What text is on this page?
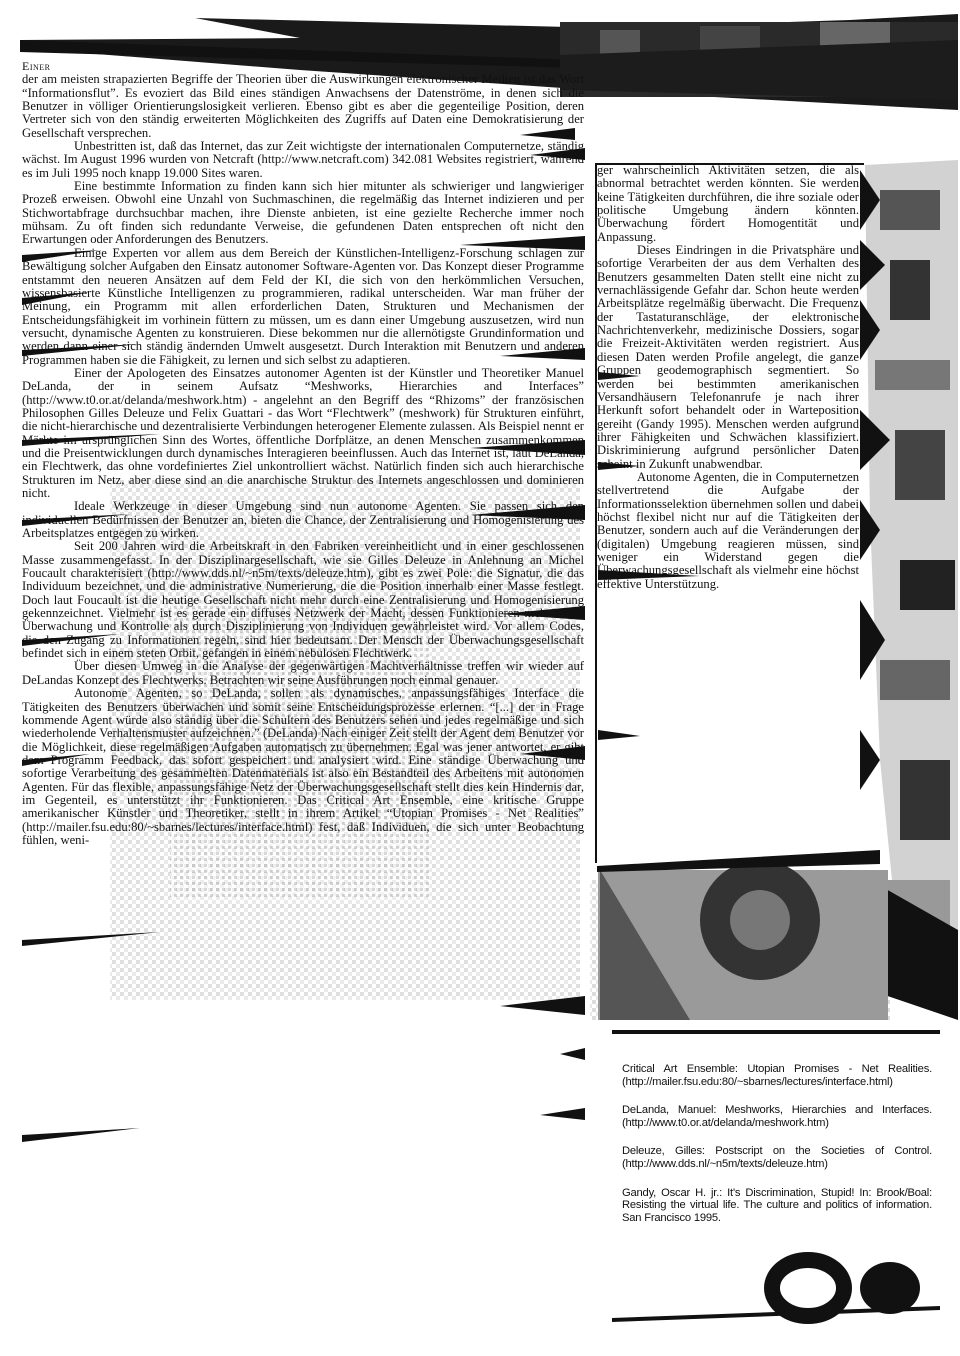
Einer

der am meisten strapazierten Begriffe der Theorien über die Auswirkungen elektronischer Medien ist das Wort “Informationsflut”. Es evoziert das Bild eines ständigen Anwachsens der Datenströme, in denen sich die Benutzer in völliger Orientierungslosigkeit verlieren. Ebenso gibt es aber die gegenteilige Position, deren Vertreter sich von den ständig erweiterten Möglichkeiten des Zugriffs auf Daten eine Demokratisierung der Gesellschaft versprechen.

Unbestritten ist, daß das Internet, das zur Zeit wichtigste der internationalen Computernetze, ständig wächst. Im August 1996 wurden von Netcraft (http://www.netcraft.com) 342.081 Websites registriert, während es im Juli 1995 noch knapp 19.000 Sites waren.

Eine bestimmte Information zu finden kann sich hier mitunter als schwieriger und langwieriger Prozeß erweisen. Obwohl eine Unzahl von Suchmaschinen, die regelmäßig das Internet indizieren und per Stichwortabfrage durchsuchbar machen, ihre Dienste anbieten, ist eine gezielte Recherche immer noch mühsam. Zu oft finden sich redundante Verweise, die gefundenen Daten entsprechen oft nicht den Erwartungen oder Anforderungen des Benutzers.

Einige Experten vor allem aus dem Bereich der Künstlichen-Intelligenz-Forschung schlagen zur Bewältigung solcher Aufgaben den Einsatz autonomer Software-Agenten vor. Das Konzept dieser Programme entstammt den neueren Ansätzen auf dem Feld der KI, die sich von den herkömmlichen Versuchen, wissensbasierte Künstliche Intelligenzen zu programmieren, radikal unterscheiden. War man früher der Meinung, ein Programm mit allen erforderlichen Daten, Strukturen und Mechanismen der Entscheidungsfähigkeit im vorhinein füttern zu müssen, um es dann einer Umgebung auszusetzen, wird nun versucht, dynamische Agenten zu konstruieren. Diese bekommen nur die allernötigste Grundinformation und werden dann einer sich ständig ändernden Umwelt ausgesetzt. Durch Interaktion mit Benutzern und anderen Programmen haben sie die Fähigkeit, zu lernen und sich selbst zu adaptieren.

Einer der Apologeten des Einsatzes autonomer Agenten ist der Künstler und Theoretiker Manuel DeLanda, der in seinem Aufsatz “Meshworks, Hierarchies and Interfaces” (http://www.t0.or.at/delanda/meshwork.htm) - angelehnt an den Begriff des “Rhizoms” der französischen Philosophen Gilles Deleuze und Felix Guattari - das Wort “Flechtwerk” (meshwork) für Strukturen einführt, die nicht-hierarchische und dezentralisierte Verbindungen heterogener Elemente zulassen. Als Beispiel nennt er Märkte im ursprünglichen Sinn des Wortes, öffentliche Dorfplätze, an denen Menschen zusammenkommen und die Preisentwicklungen durch dynamisches Interagieren beeinflussen. Auch das Internet ist, laut DeLanda, ein Flechtwerk, das ohne vordefiniertes Ziel unkontrolliert wächst. Natürlich finden sich auch hierarchische Strukturen im Netz, aber diese sind an die anarchische Struktur des Internets angeschlossen und dominieren nicht.

Ideale Werkzeuge in dieser Umgebung sind nun autonome Agenten. Sie passen sich den individuellen Bedürfnissen der Benutzer an, bieten die Chance, der Zentralisierung und Homogenisierung des Arbeitsplatzes entgegen zu wirken.

Seit 200 Jahren wird die Arbeitskraft in den Fabriken vereinheitlicht und in einer geschlossenen Masse zusammengefasst. In der Disziplinargesellschaft, wie sie Gilles Deleuze in Anlehnung an Michel Foucault charakterisiert (http://www.dds.nl/~n5m/texts/deleuze.htm), gibt es zwei Pole: die Signatur, die das Individuum bezeichnet, und die administrative Numerierung, die die Position innerhalb einer Masse festlegt. Doch laut Foucault ist die heutige Gesellschaft nicht mehr durch eine Zentralisierung und Homogenisierung gekennzeichnet. Vielmehr ist es gerade ein diffuses Netzwerk der Macht, dessen Funktionieren mehr durch Überwachung und Kontrolle als durch Disziplinierung von Individuen gewährleistet wird. Vor allem Codes, die den Zugang zu Informationen regeln, sind hier bedeutsam. Der Mensch der Überwachungsgesellschaft befindet sich in einem steten Orbit, gefangen in einem nebulosen Flechtwerk.

Über diesen Umweg in die Analyse der gegenwärtigen Machtverhältnisse treffen wir wieder auf DeLandas Konzept des Flechtwerks. Betrachten wir seine Ausführungen noch einmal genauer.

Autonome Agenten, so DeLanda, sollen als dynamisches, anpassungsfähiges Interface die Tätigkeiten des Benutzers überwachen und somit seine Entscheidungsprozesse erlernen. “[...] der in Frage kommende Agent würde also ständig über die Schultern des Benutzers sehen und jedes regelmäßige und sich wiederholende Verhaltensmuster aufzeichnen.” (DeLanda) Nach einiger Zeit stellt der Agent dem Benutzer vor die Möglichkeit, diese regelmäßigen Aufgaben automatisch zu übernehmen. Egal was jener antwortet, er gibt dem Programm Feedback, das sofort gespeichert und analysiert wird. Eine ständige Überwachung und sofortige Verarbeitung des gesammelten Datenmaterials ist also ein Bestandteil des Arbeitens mit autonomen Agenten. Für das flexible, anpassungsfähige Netz der Überwachungsgesellschaft stellt dies kein Hindernis dar, im Gegenteil, es unterstützt ihr Funktionieren. Das Critical Art Ensemble, eine kritische Gruppe amerikanischer Künstler und Theoretiker, stellt in ihrem Artikel “Utopian Promises - Net Realities” (http://mailer.fsu.edu:80/~sbarnes/lectures/interface.html) fest, daß Individuen, die sich unter Beobachtung fühlen, weni-

ger wahrscheinlich Aktivitäten setzen, die als abnormal betrachtet werden könnten. Sie werden keine Tätigkeiten durchführen, die ihre soziale oder politische Umgebung ändern könnten. Überwachung fördert Homogentität und Anpassung.

Dieses Eindringen in die Privatsphäre und sofortige Verarbeiten der aus dem Verhalten des Benutzers gesammelten Daten stellt eine nicht zu vernachlässigende Gefahr dar. Schon heute werden Arbeitsplätze regelmäßig überwacht. Die Frequenz der Tastaturanschläge, der elektronische Nachrichtenverkehr, medizinische Dossiers, sogar die Freizeit-Aktivitäten werden registriert. Aus diesen Daten werden Profile angelegt, die ganze Gruppen geodemographisch segmentiert. So werden bei bestimmten amerikanischen Versandhäusern Telefonanrufe je nach ihrer Herkunft sofort behandelt oder in Warteposition gereiht (Gandy 1995). Menschen werden aufgrund ihrer Fähigkeiten und Schwächen klassifiziert. Diskriminierung aufgrund persönlicher Daten scheint in Zukunft unabwendbar.

Autonome Agenten, die in Computernetzen stellvertretend die Aufgabe der Informationsselektion übernehmen sollen und dabei höchst flexibel nicht nur auf die Tätigkeiten der Benutzer, sondern auch auf die Veränderungen der (digitalen) Umgebung reagieren müssen, sind weniger ein Widerstand gegen die Überwachungsgesellschaft als vielmehr eine höchst effektive Unterstützung.

Critical Art Ensemble: Utopian Promises - Net Realities. (http://mailer.fsu.edu:80/~sbarnes/lectures/interface.html)

DeLanda, Manuel: Meshworks, Hierarchies and Interfaces. (http://www.t0.or.at/delanda/meshwork.htm)

Deleuze, Gilles: Postscript on the Societies of Control. (http://www.dds.nl/~n5m/texts/deleuze.htm)

Gandy, Oscar H. jr.: It's Discrimination, Stupid! In: Brook/Boal: Resisting the virtual life. The culture and politics of information. San Francisco 1995.
